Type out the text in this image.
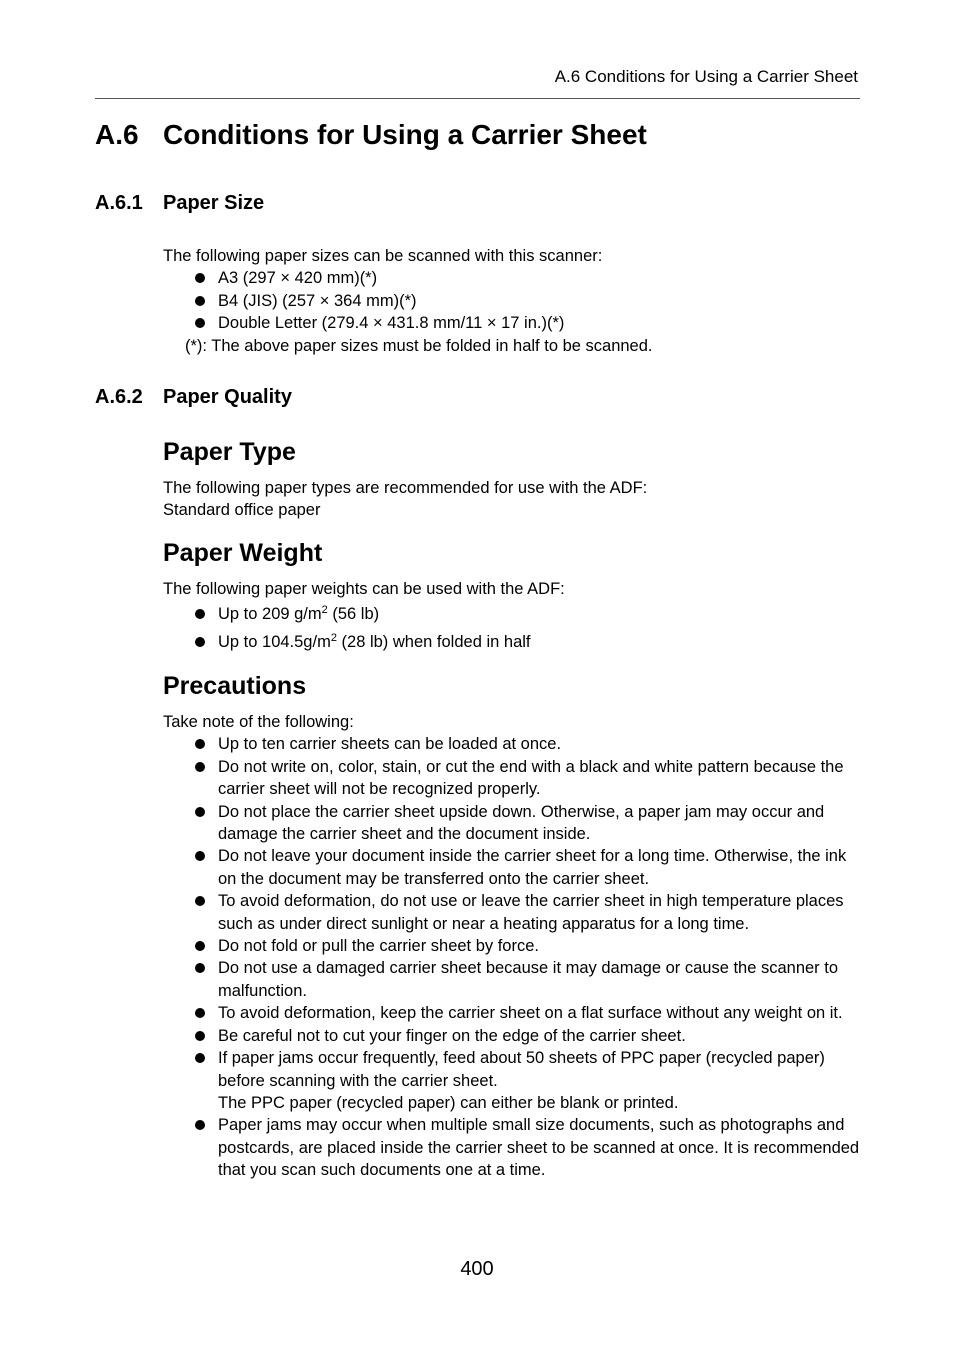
A.6 Conditions for Using a Carrier Sheet
A.6 Conditions for Using a Carrier Sheet
A.6.1 Paper Size

The following paper sizes can be scanned with this scanner:

A3 (297 × 420 mm)(*)
B4 (JIS) (257 × 364 mm)(*)
Double Letter (279.4 × 431.8 mm/11 × 17 in.)(*)

(*): The above paper sizes must be folded in half to be scanned.

A.6.2 Paper Quality
Paper Type

The following paper types are recommended for use with the ADF:

Standard office paper

Paper Weight

The following paper weights can be used with the ADF:

Up to 209 $g/m^2$ (56 lb)
Up to $104.5g/m^2$ (28 lb) when folded in half
Precautions

Take note of the following:

Up to ten carrier sheets can be loaded at once.
Do not write on, color, stain, or cut the end with a black and white pattern because the carrier sheet will not be recognized properly.
Do not place the carrier sheet upside down. Otherwise, a paper jam may occur and damage the carrier sheet and the document inside.
Do not leave your document inside the carrier sheet for a long time. Otherwise, the ink on the document may be transferred onto the carrier sheet.
To avoid deformation, do not use or leave the carrier sheet in high temperature places such as under direct sunlight or near a heating apparatus for a long time.
Do not fold or pull the carrier sheet by force.
Do not use a damaged carrier sheet because it may damage or cause the scanner to malfunction.
To avoid deformation, keep the carrier sheet on a flat surface without any weight on it.
Be careful not to cut your finger on the edge of the carrier sheet.
If paper jams occur frequently, feed about 50 sheets of PPC paper (recycled paper) before scanning with the carrier sheet.
The PPC paper (recycled paper) can either be blank or printed.
Paper jams may occur when multiple small size documents, such as photographs and postcards, are placed inside the carrier sheet to be scanned at once. It is recommended that you scan such documents one at a time.
400
